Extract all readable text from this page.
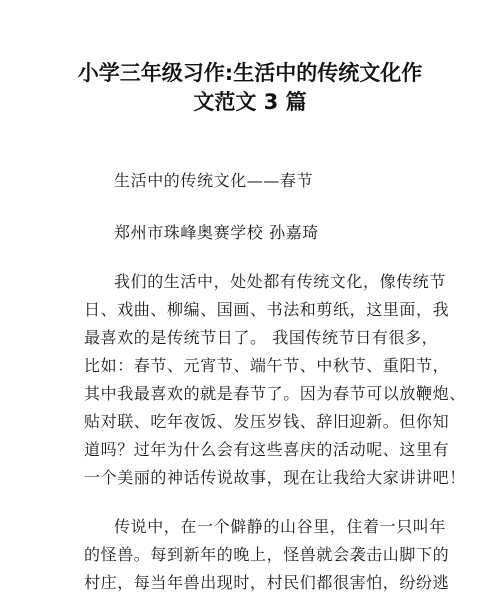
小学三年级习作:生活中的传统文化作
文范文 3 篇
生活中的传统文化——春节
郑州市珠峰奥赛学校 孙嘉琦
我们的生活中，处处都有传统文化，像传统节
日、戏曲、柳编、国画、书法和剪纸，这里面，我
最喜欢的是传统节日了。 我国传统节日有很多，
比如：春节、元宵节、端午节、中秋节、重阳节，
其中我最喜欢的就是春节了。因为春节可以放鞭炮、
贴对联、吃年夜饭、发压岁钱、辞旧迎新。但你知
道吗？过年为什么会有这些喜庆的活动呢、这里有
一个美丽的神话传说故事，现在让我给大家讲讲吧！
传说中，在一个僻静的山谷里，住着一只叫年
的怪兽。每到新年的晚上，怪兽就会袭击山脚下的
村庄，每当年兽出现时，村民们都很害怕，纷纷逃
